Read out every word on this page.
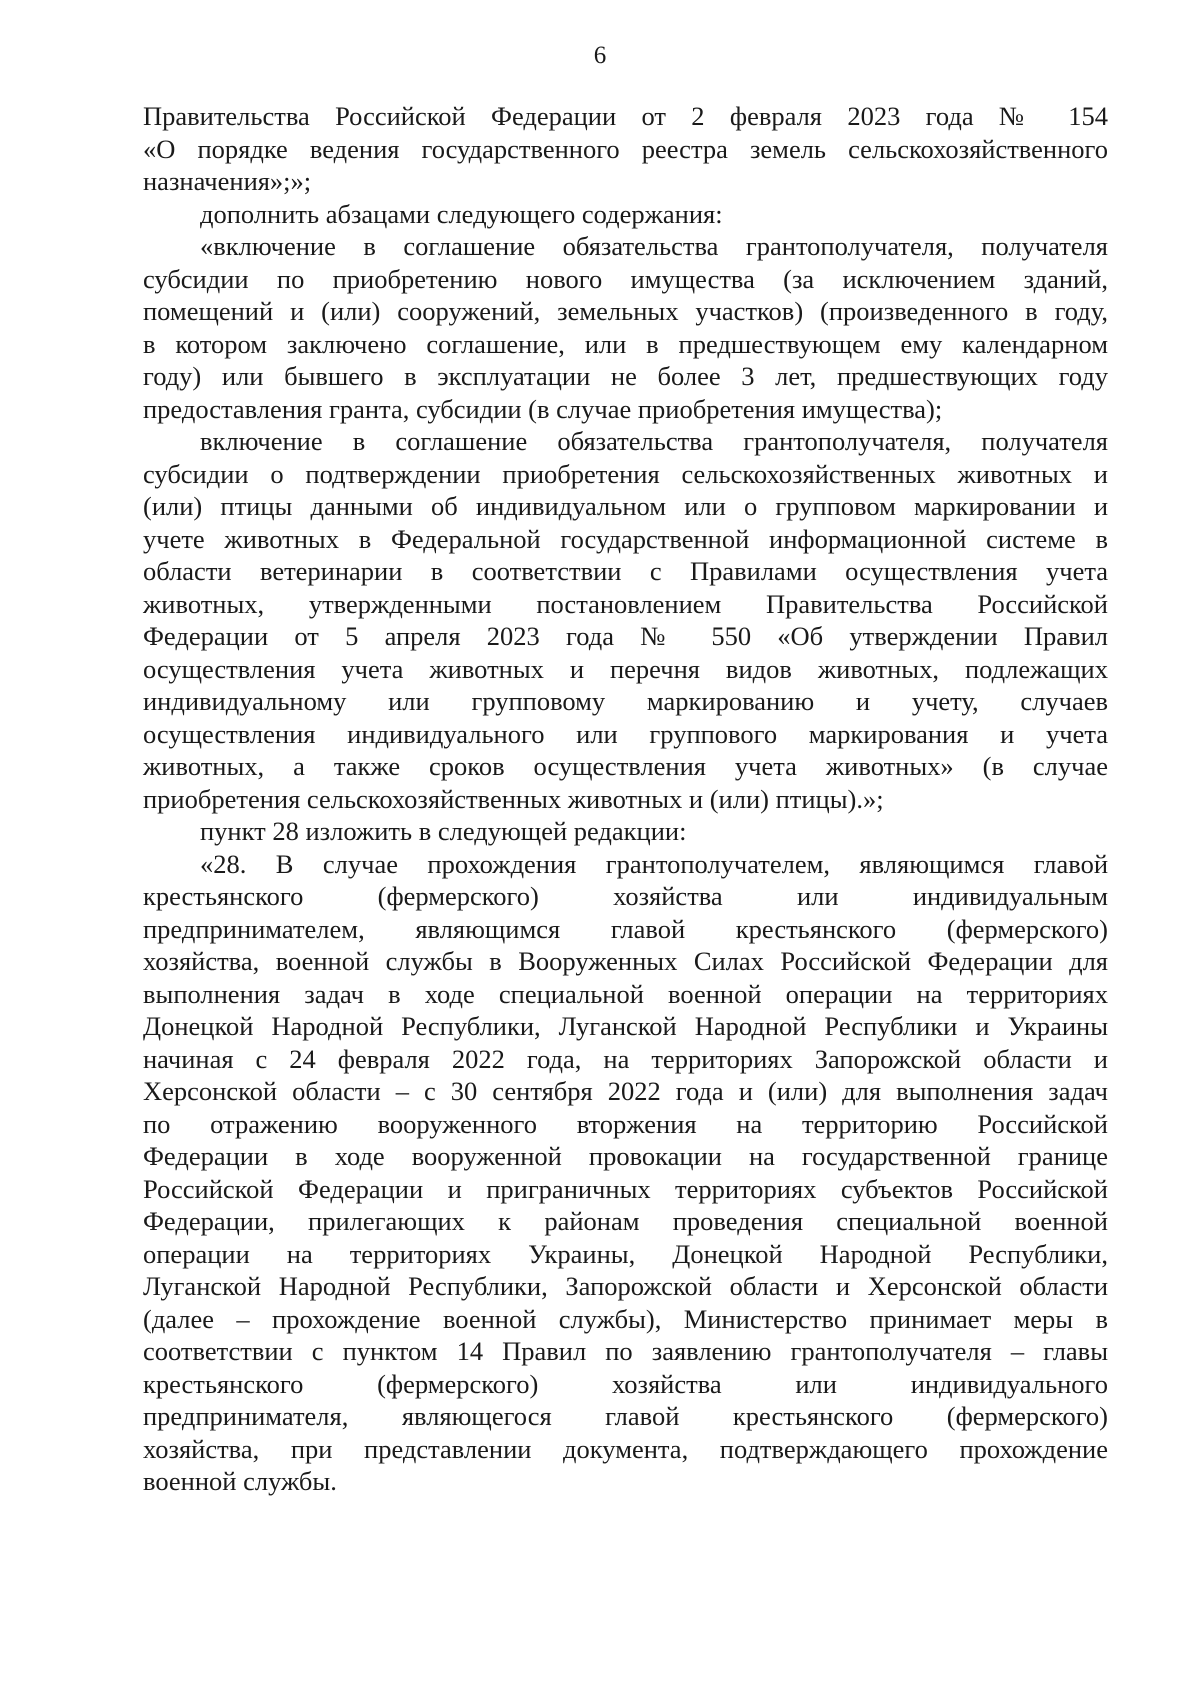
6
Правительства Российской Федерации от 2 февраля 2023 года № 154
«О порядке ведения государственного реестра земель сельскохозяйственного
назначения»;»;
дополнить абзацами следующего содержания:
«включение в соглашение обязательства грантополучателя, получателя
субсидии по приобретению нового имущества (за исключением зданий,
помещений и (или) сооружений, земельных участков) (произведенного в году,
в котором заключено соглашение, или в предшествующем ему календарном
году) или бывшего в эксплуатации не более 3 лет, предшествующих году
предоставления гранта, субсидии (в случае приобретения имущества);
включение в соглашение обязательства грантополучателя, получателя
субсидии о подтверждении приобретения сельскохозяйственных животных и
(или) птицы данными об индивидуальном или о групповом маркировании и
учете животных в Федеральной государственной информационной системе в
области ветеринарии в соответствии с Правилами осуществления учета
животных, утвержденными постановлением Правительства Российской
Федерации от 5 апреля 2023 года № 550 «Об утверждении Правил
осуществления учета животных и перечня видов животных, подлежащих
индивидуальному или групповому маркированию и учету, случаев
осуществления индивидуального или группового маркирования и учета
животных, а также сроков осуществления учета животных» (в случае
приобретения сельскохозяйственных животных и (или) птицы).»;
пункт 28 изложить в следующей редакции:
«28. В случае прохождения грантополучателем, являющимся главой
крестьянского (фермерского) хозяйства или индивидуальным
предпринимателем, являющимся главой крестьянского (фермерского)
хозяйства, военной службы в Вооруженных Силах Российской Федерации для
выполнения задач в ходе специальной военной операции на территориях
Донецкой Народной Республики, Луганской Народной Республики и Украины
начиная с 24 февраля 2022 года, на территориях Запорожской области и
Херсонской области – с 30 сентября 2022 года и (или) для выполнения задач
по отражению вооруженного вторжения на территорию Российской
Федерации в ходе вооруженной провокации на государственной границе
Российской Федерации и приграничных территориях субъектов Российской
Федерации, прилегающих к районам проведения специальной военной
операции на территориях Украины, Донецкой Народной Республики,
Луганской Народной Республики, Запорожской области и Херсонской области
(далее – прохождение военной службы), Министерство принимает меры в
соответствии с пунктом 14 Правил по заявлению грантополучателя – главы
крестьянского (фермерского) хозяйства или индивидуального
предпринимателя, являющегося главой крестьянского (фермерского)
хозяйства, при представлении документа, подтверждающего прохождение
военной службы.
